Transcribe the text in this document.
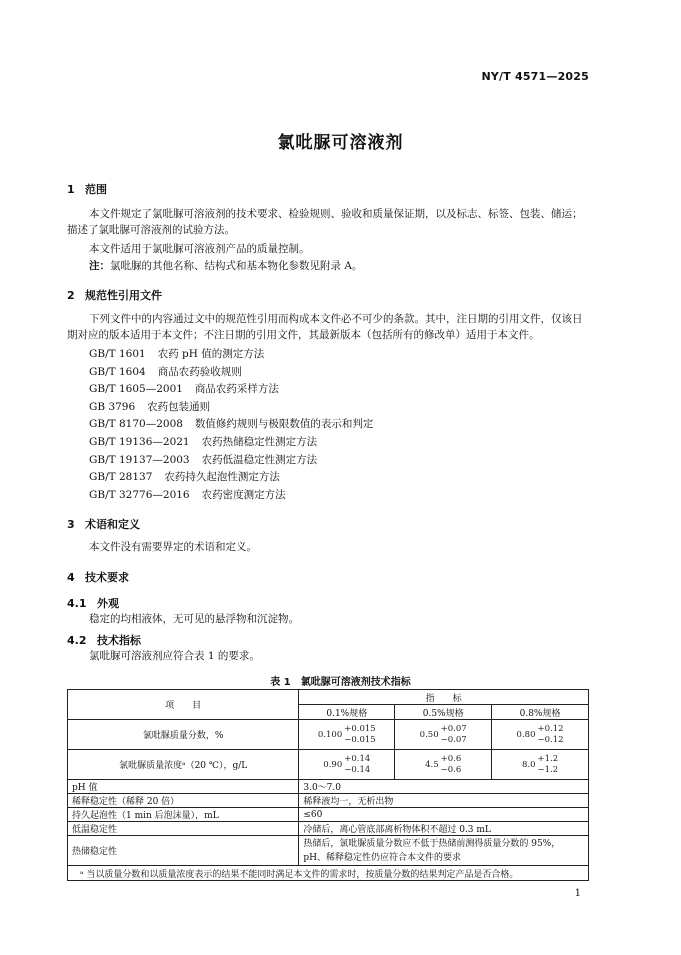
NY/T 4571—2025
氯吡脲可溶液剂
1 范围
本文件规定了氯吡脲可溶液剂的技术要求、检验规则、验收和质量保证期，以及标志、标签、包装、储运；描述了氯吡脲可溶液剂的试验方法。
本文件适用于氯吡脲可溶液剂产品的质量控制。
注：氯吡脲的其他名称、结构式和基本物化参数见附录 A。
2 规范性引用文件
下列文件中的内容通过文中的规范性引用而构成本文件必不可少的条款。其中，注日期的引用文件，仅该日期对应的版本适用于本文件；不注日期的引用文件，其最新版本（包括所有的修改单）适用于本文件。
GB/T 1601 农药 pH 值的测定方法
GB/T 1604 商品农药验收规则
GB/T 1605—2001 商品农药采样方法
GB 3796 农药包装通则
GB/T 8170—2008 数值修约规则与极限数值的表示和判定
GB/T 19136—2021 农药热储稳定性测定方法
GB/T 19137—2003 农药低温稳定性测定方法
GB/T 28137 农药持久起泡性测定方法
GB/T 32776—2016 农药密度测定方法
3 术语和定义
本文件没有需要界定的术语和定义。
4 技术要求
4.1 外观
稳定的均相液体，无可见的悬浮物和沉淀物。
4.2 技术指标
氯吡脲可溶液剂应符合表 1 的要求。
表 1　氯吡脲可溶液剂技术指标
项　　目	指　　标		
	0.1%规格	0.5%规格	0.8%规格
氯吡脲质量分数，%	0.100
+0.015
−0.015	0.50
+0.07
−0.07	0.80
+0.12
−0.12

氯吡脲质量浓度ᵃ（20 ℃），g/L	0.90
+0.14
−0.14	4.5
+0.6
−0.6	8.0
+1.2
−1.2

pH 值	3.0～7.0		
稀释稳定性（稀释 20 倍）	稀释液均一，无析出物		
持久起泡性（1 min 后泡沫量），mL	≤60		
低温稳定性	冷储后，离心管底部离析物体积不超过 0.3 mL		
热储稳定性	热储后，氯吡脲质量分数应不低于热储前测得质量分数的 95%，
pH、稀释稳定性仍应符合本文件的要求		

ᵃ 当以质量分数和以质量浓度表示的结果不能同时满足本文件的需求时，按质量分数的结果判定产品是否合格。			
1
